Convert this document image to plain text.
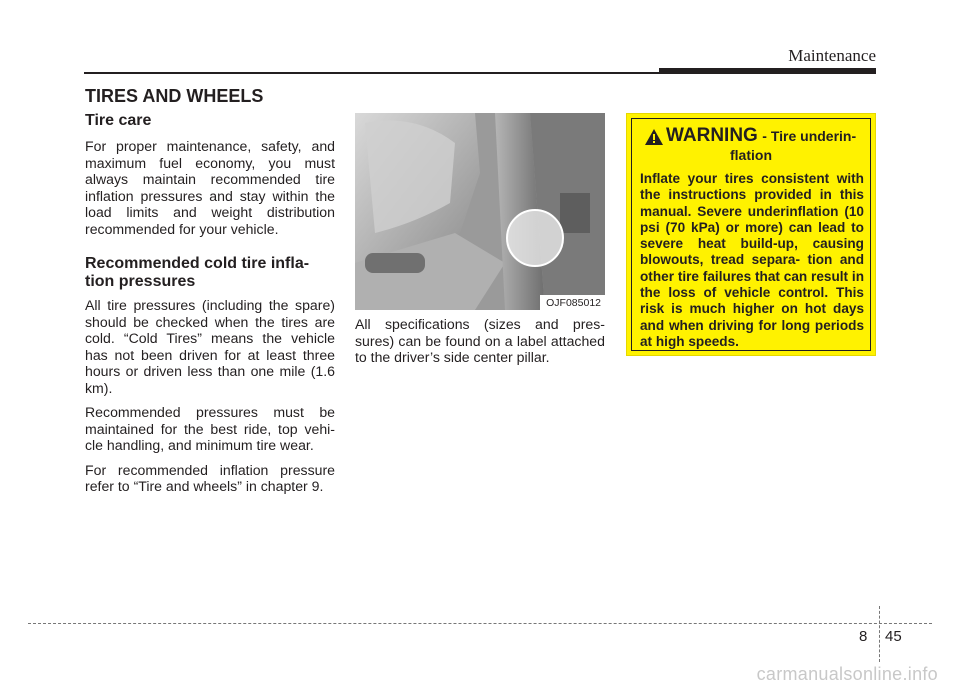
Maintenance
TIRES AND WHEELS
Tire care

For proper maintenance, safety, and maximum fuel economy, you must always maintain recommended tire inflation pressures and stay within the load limits and weight distribution recommended for your vehicle.

Recommended cold tire infla- tion pressures

All tire pressures (including the spare) should be checked when the tires are cold. “Cold Tires” means the vehicle has not been driven for at least three hours or driven less than one mile (1.6 km).

Recommended pressures must be maintained for the best ride, top vehi- cle handling, and minimum tire wear.

For recommended inflation pressure refer to “Tire and wheels” in chapter 9.

OJF085012
All specifications (sizes and pres- sures) can be found on a label attached to the driver’s side center pillar.
WARNING - Tire underin-
flation
Inflate your tires consistent with the instructions provided in this manual. Severe underinflation (10 psi (70 kPa) or more) can lead to severe heat build-up, causing blowouts, tread separa- tion and other tire failures that can result in the loss of vehicle control. This risk is much higher on hot days and when driving for long periods at high speeds.
8 45
carmanualsonline.info
